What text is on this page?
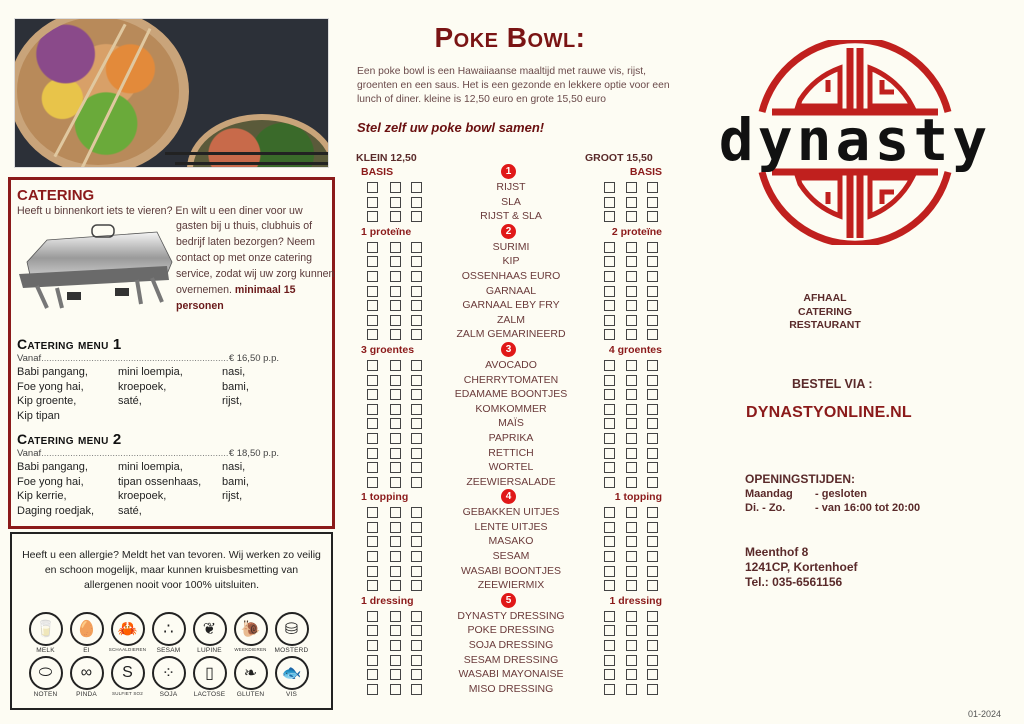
CATERING
Heeft u binnenkort iets te vieren? En wilt u een diner voor uw
gasten bij u thuis, clubhuis of bedrijf laten bezorgen? Neem contact op met onze catering service, zodat wij uw zorg kunnen overnemen. minimaal 15 personen
Catering menu 1
Vanaf .....	€ 16,50 p.p.
Babi pangang,	mini loempia,	nasi,
Foe yong hai,	kroepoek,	bami,
Kip groente,	saté,	rijst,
Kip tipan
Catering menu 2
Vanaf .....	€ 18,50 p.p.
Babi pangang,	mini loempia,	nasi,
Foe yong hai,	tipan ossenhaas,	bami,
Kip kerrie,	kroepoek,	rijst,
Daging roedjak,	saté,
Heeft u een allergie? Meldt het van tevoren. Wij werken zo veilig en schoon mogelijk, maar kunnen kruisbesmetting van allergenen nooit voor 100% uitsluiten.
🥛
MELK
🥚
EI
🦀
SCHAALDIEREN
∴
SESAM
❦
LUPINE
🐌
WEEKDIEREN
⛁
MOSTERD
⬭
NOTEN
∞
PINDA
S
SULFIET SO2
⁘
SOJA
▯
LACTOSE
❧
GLUTEN
🐟
VIS
Poke Bowl:
Een poke bowl is een Hawaiiaanse maaltijd met rauwe vis, rijst, groenten en een saus. Het is een gezonde en lekkere optie voor een lunch of diner. kleine is 12,50 euro en grote 15,50 euro
Stel zelf uw poke bowl samen!
KLEIN 12,50	GROOT 15,50
BASIS	1	BASIS
RIJST
SLA
RIJST & SLA
1 proteïne	2	2 proteïne
SURIMI
KIP
OSSENHAAS EURO
GARNAAL
GARNAAL EBY FRY
ZALM
ZALM GEMARINEERD
3 groentes	3	4 groentes
AVOCADO
CHERRYTOMATEN
EDAMAME BOONTJES
KOMKOMMER
MAÏS
PAPRIKA
RETTICH
WORTEL
ZEEWIERSALADE
1 topping	4	1 topping
GEBAKKEN UITJES
LENTE UITJES
MASAKO
SESAM
WASABI BOONTJES
ZEEWIERMIX
1 dressing	5	1 dressing
DYNASTY DRESSING
POKE DRESSING
SOJA DRESSING
SESAM DRESSING
WASABI MAYONAISE
MISO DRESSING
dynasty
AFHAAL
CATERING
RESTAURANT
BESTEL VIA :
DYNASTYONLINE.NL
OPENINGSTIJDEN:
Maandag	- gesloten
Di. - Zo.	- van 16:00 tot 20:00
Meenthof 8
1241CP, Kortenhoef
Tel.: 035-6561156
01-2024
